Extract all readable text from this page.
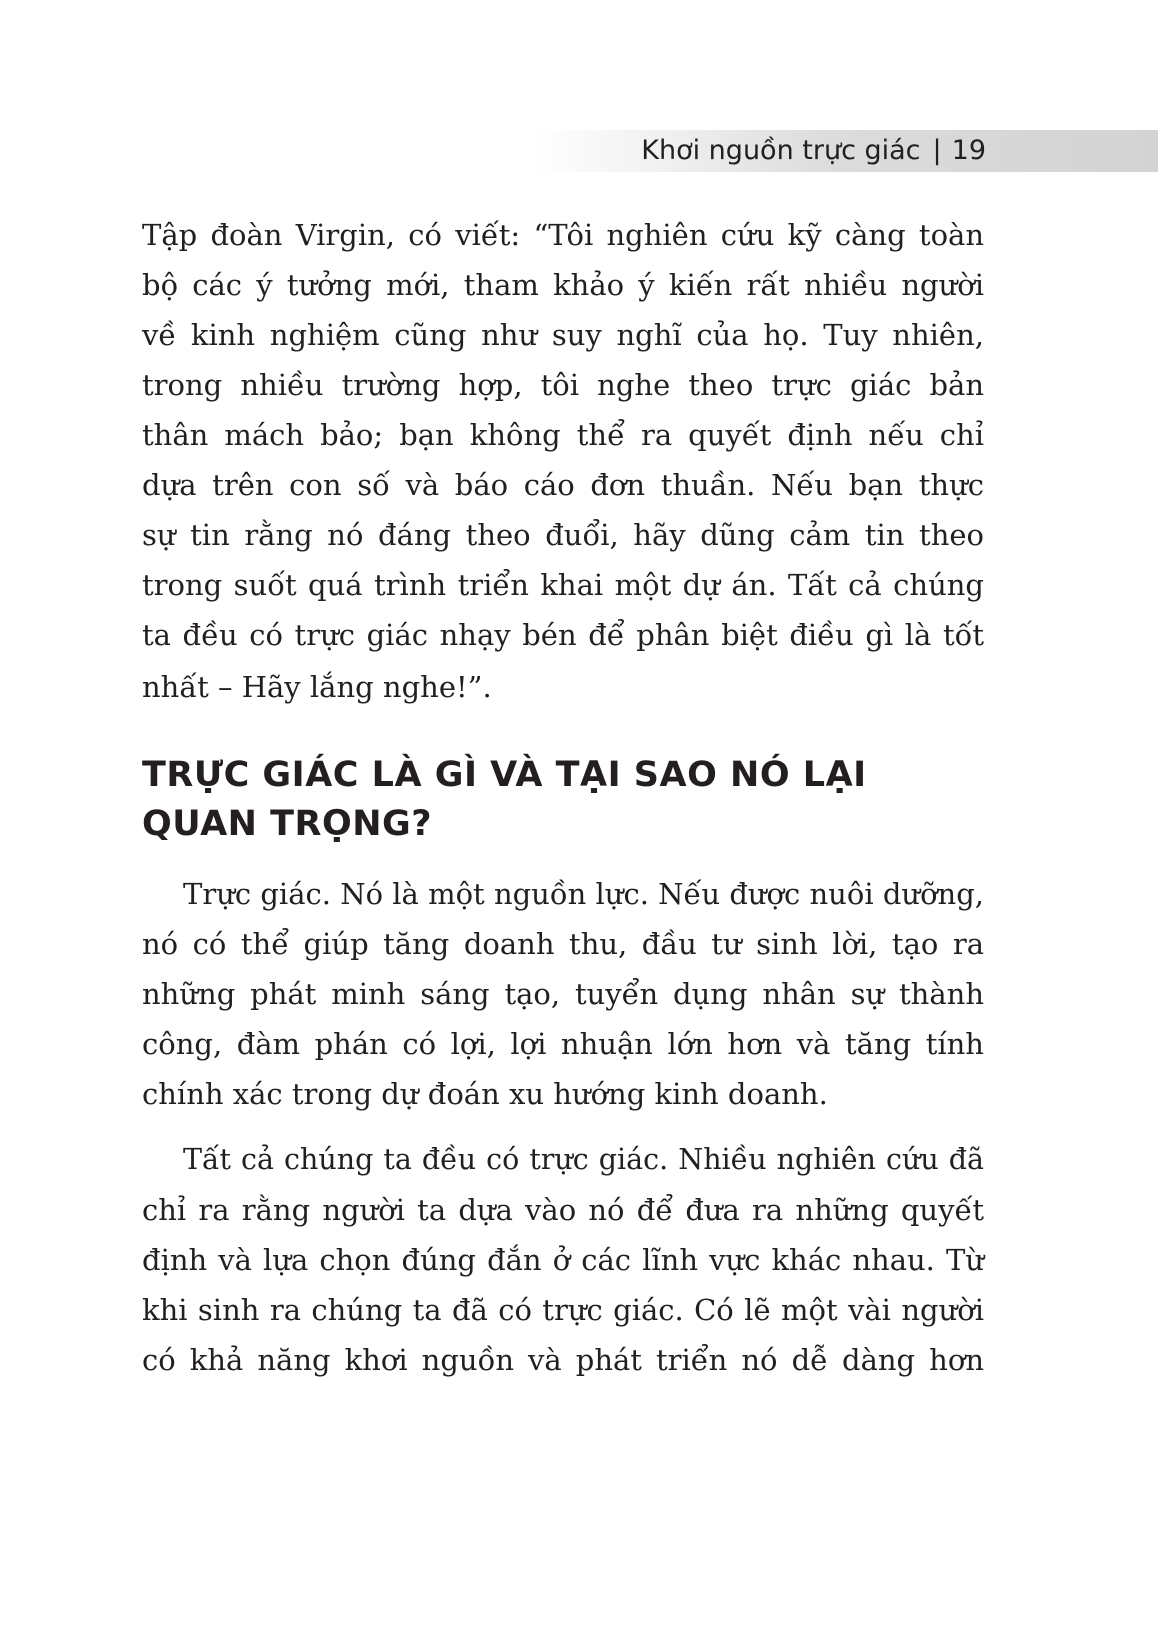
Khơi nguồn trực giác | 19
Tập đoàn Virgin, có viết: “Tôi nghiên cứu kỹ càng toàn
bộ các ý tưởng mới, tham khảo ý kiến rất nhiều người
về kinh nghiệm cũng như suy nghĩ của họ. Tuy nhiên,
trong nhiều trường hợp, tôi nghe theo trực giác bản
thân mách bảo; bạn không thể ra quyết định nếu chỉ
dựa trên con số và báo cáo đơn thuần. Nếu bạn thực
sự tin rằng nó đáng theo đuổi, hãy dũng cảm tin theo
trong suốt quá trình triển khai một dự án. Tất cả chúng
ta đều có trực giác nhạy bén để phân biệt điều gì là tốt
nhất – Hãy lắng nghe!”.
TRỰC GIÁC LÀ GÌ VÀ TẠI SAO NÓ LẠI
QUAN TRỌNG?
Trực giác. Nó là một nguồn lực. Nếu được nuôi dưỡng,
nó có thể giúp tăng doanh thu, đầu tư sinh lời, tạo ra
những phát minh sáng tạo, tuyển dụng nhân sự thành
công, đàm phán có lợi, lợi nhuận lớn hơn và tăng tính
chính xác trong dự đoán xu hướng kinh doanh.
Tất cả chúng ta đều có trực giác. Nhiều nghiên cứu đã
chỉ ra rằng người ta dựa vào nó để đưa ra những quyết
định và lựa chọn đúng đắn ở các lĩnh vực khác nhau. Từ
khi sinh ra chúng ta đã có trực giác. Có lẽ một vài người
có khả năng khơi nguồn và phát triển nó dễ dàng hơn
